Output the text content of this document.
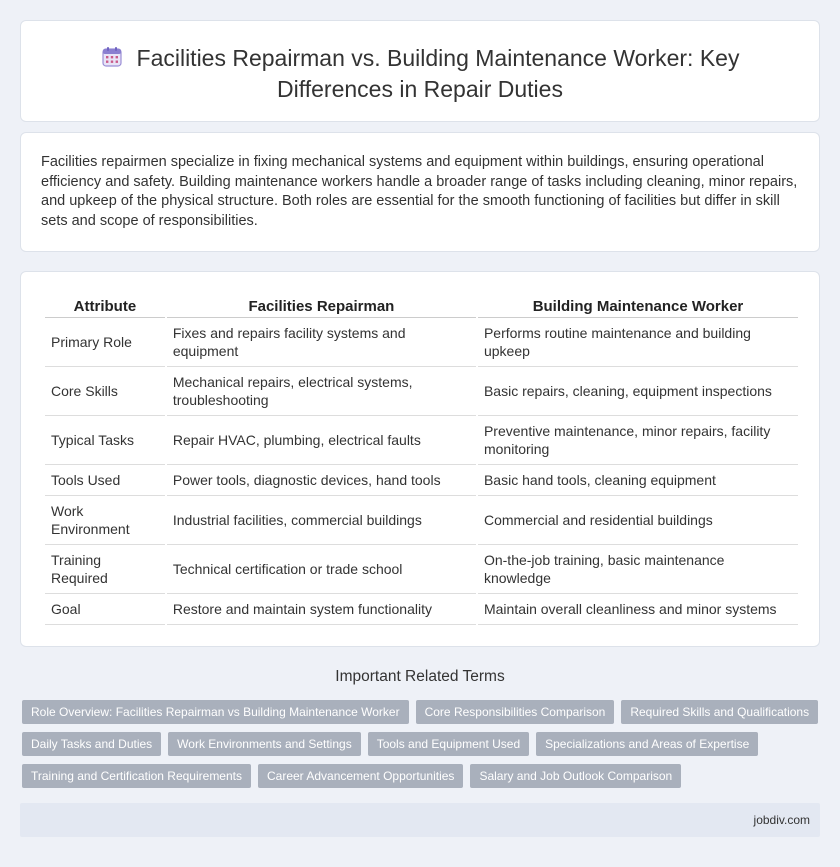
Facilities Repairman vs. Building Maintenance Worker: Key Differences in Repair Duties

Facilities repairmen specialize in fixing mechanical systems and equipment within buildings, ensuring operational efficiency and safety. Building maintenance workers handle a broader range of tasks including cleaning, minor repairs, and upkeep of the physical structure. Both roles are essential for the smooth functioning of facilities but differ in skill sets and scope of responsibilities.

Attribute	Facilities Repairman	Building Maintenance Worker
Primary Role	Fixes and repairs facility systems and equipment	Performs routine maintenance and building upkeep
Core Skills	Mechanical repairs, electrical systems, troubleshooting	Basic repairs, cleaning, equipment inspections
Typical Tasks	Repair HVAC, plumbing, electrical faults	Preventive maintenance, minor repairs, facility monitoring
Tools Used	Power tools, diagnostic devices, hand tools	Basic hand tools, cleaning equipment
Work Environment	Industrial facilities, commercial buildings	Commercial and residential buildings
Training Required	Technical certification or trade school	On-the-job training, basic maintenance knowledge
Goal	Restore and maintain system functionality	Maintain overall cleanliness and minor systems
Important Related Terms
Role Overview: Facilities Repairman vs Building Maintenance Worker	Core Responsibilities Comparison	Required Skills and Qualifications
Daily Tasks and Duties	Work Environments and Settings	Tools and Equipment Used	Specializations and Areas of Expertise
Training and Certification Requirements	Career Advancement Opportunities	Salary and Job Outlook Comparison
jobdiv.com
